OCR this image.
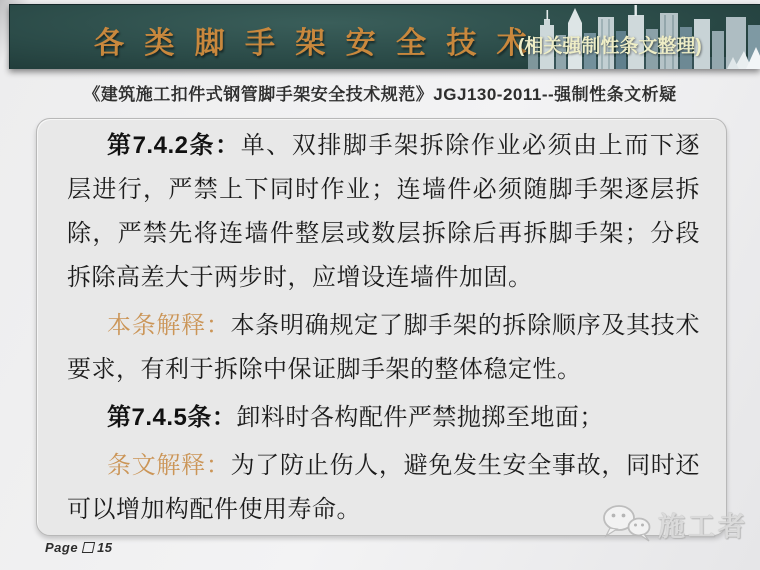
各 类 脚 手 架 安 全 技 术
(相关强制性条文整理)
《建筑施工扣件式钢管脚手架安全技术规范》JGJ130-2011--强制性条文析疑

第7.4.2条：单、双排脚手架拆除作业必须由上而下逐层进行，严禁上下同时作业；连墙件必须随脚手架逐层拆除，严禁先将连墙件整层或数层拆除后再拆脚手架；分段拆除高差大于两步时，应增设连墙件加固。

本条解释：本条明确规定了脚手架的拆除顺序及其技术要求，有利于拆除中保证脚手架的整体稳定性。

第7.4.5条：卸料时各构配件严禁抛掷至地面；

条文解释：为了防止伤人，避免发生安全事故，同时还可以增加构配件使用寿命。

Page 15
施工者
